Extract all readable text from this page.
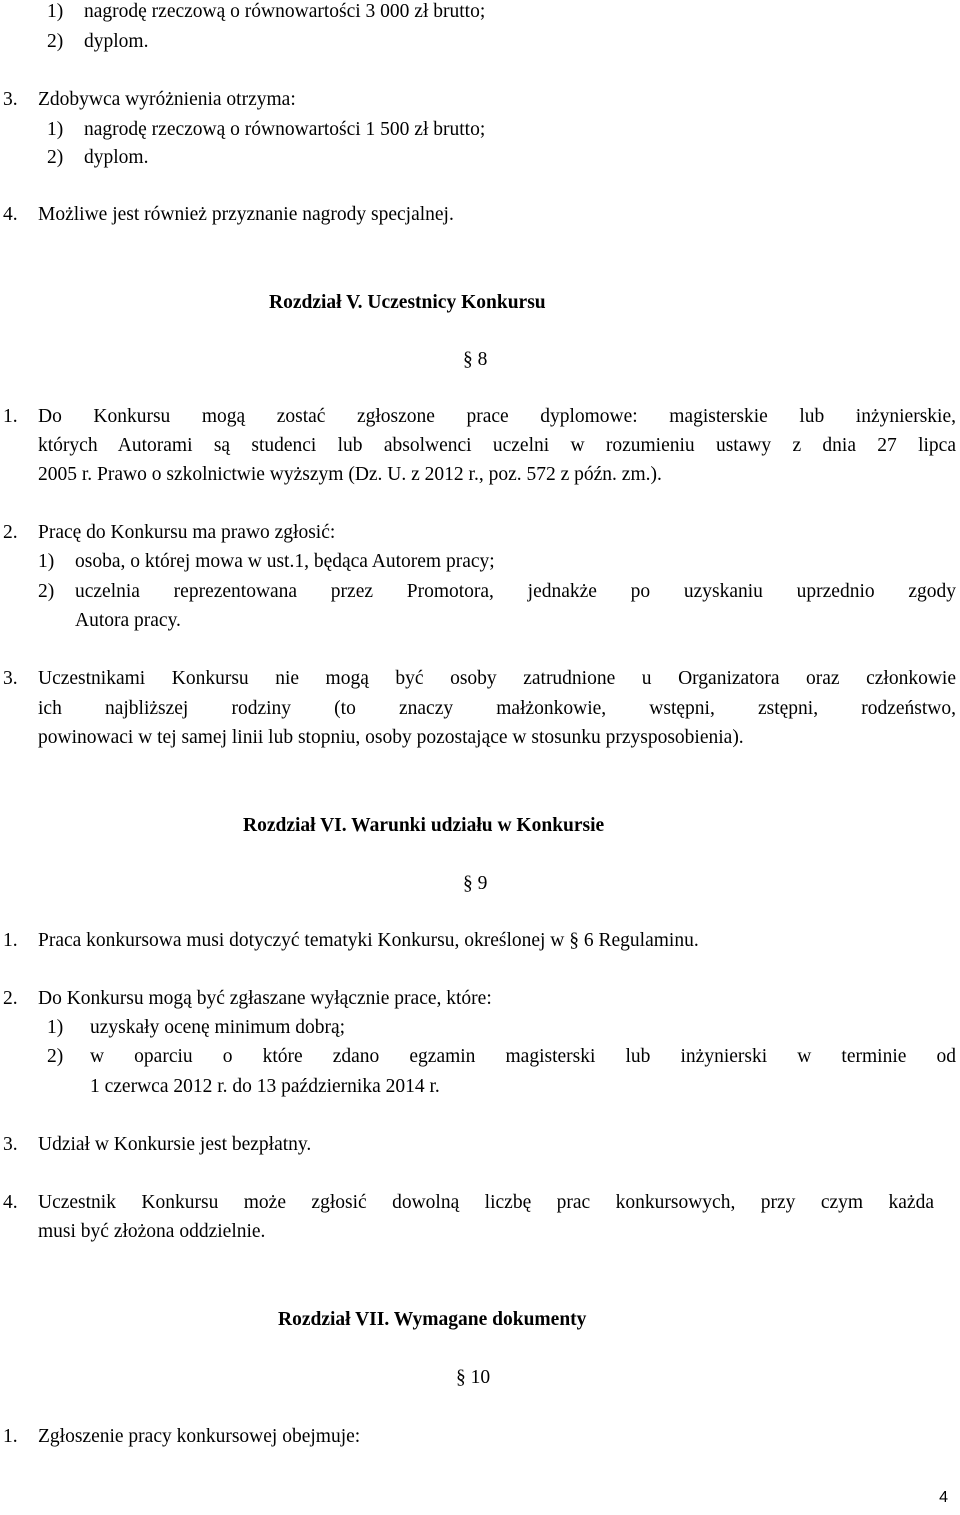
1) nagrodę rzeczową o równowartości 3 000 zł brutto;
2) dyplom.
3. Zdobywca wyróżnienia otrzyma:
1) nagrodę rzeczową o równowartości 1 500 zł brutto;
2) dyplom.
4. Możliwe jest również przyznanie nagrody specjalnej.
Rozdział V. Uczestnicy Konkursu
§ 8
1. Do Konkursu mogą zostać zgłoszone prace dyplomowe: magisterskie lub inżynierskie,
których Autorami są studenci lub absolwenci uczelni w rozumieniu ustawy z dnia 27 lipca
2005 r. Prawo o szkolnictwie wyższym (Dz. U. z 2012 r., poz. 572 z późn. zm.).
2. Pracę do Konkursu ma prawo zgłosić:
1) osoba, o której mowa w ust.1, będąca Autorem pracy;
2) uczelnia reprezentowana przez Promotora, jednakże po uzyskaniu uprzednio zgody
Autora pracy.
3. Uczestnikami Konkursu nie mogą być osoby zatrudnione u Organizatora oraz członkowie
ich najbliższej rodziny (to znaczy małżonkowie, wstępni, zstępni, rodzeństwo,
powinowaci w tej samej linii lub stopniu, osoby pozostające w stosunku przysposobienia).
Rozdział VI. Warunki udziału w Konkursie
§ 9
1. Praca konkursowa musi dotyczyć tematyki Konkursu, określonej w § 6 Regulaminu.
2. Do Konkursu mogą być zgłaszane wyłącznie prace, które:
1) uzyskały ocenę minimum dobrą;
2) w oparciu o które zdano egzamin magisterski lub inżynierski w terminie od
1 czerwca 2012 r. do 13 października 2014 r.
3. Udział w Konkursie jest bezpłatny.
4. Uczestnik Konkursu może zgłosić dowolną liczbę prac konkursowych, przy czym każda
musi być złożona oddzielnie.
Rozdział VII. Wymagane dokumenty
§ 10
1. Zgłoszenie pracy konkursowej obejmuje:
4
